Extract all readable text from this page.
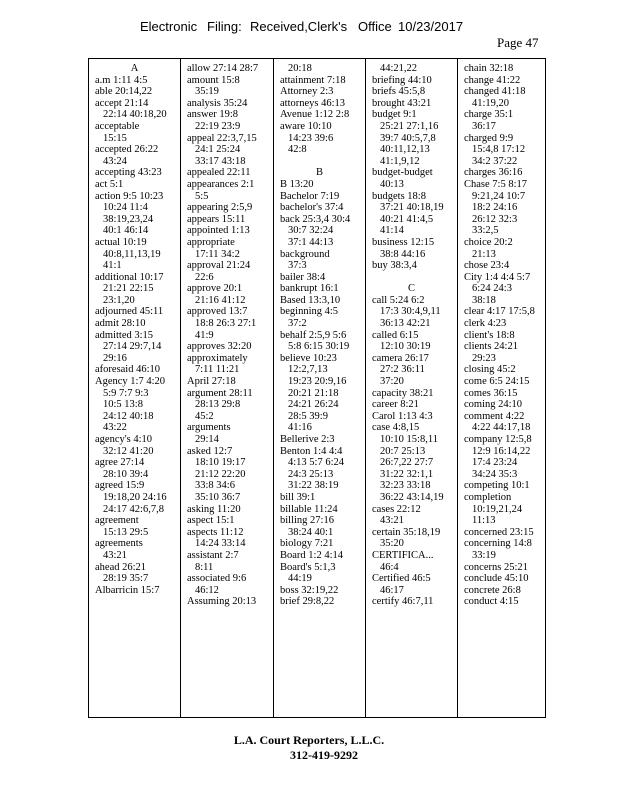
Electronic Filing: Received,Clerk's Office 10/23/2017
Page 47
A
a.m 1:11 4:5
able 20:14,22
accept 21:14
22:14 40:18,20
acceptable
15:15
accepted 26:22
43:24
accepting 43:23
act 5:1
action 9:5 10:23
10:24 11:4
38:19,23,24
40:1 46:14
actual 10:19
40:8,11,13,19
41:1
additional 10:17
21:21 22:15
23:1,20
adjourned 45:11
admit 28:10
admitted 3:15
27:14 29:7,14
29:16
aforesaid 46:10
Agency 1:7 4:20
5:9 7:7 9:3
10:5 13:8
24:12 40:18
43:22
agency's 4:10
32:12 41:20
agree 27:14
28:10 39:4
agreed 15:9
19:18,20 24:16
24:17 42:6,7,8
agreement
15:13 29:5
agreements
43:21
ahead 26:21
28:19 35:7
Albarricin 15:7
allow 27:14 28:7
amount 15:8
35:19
analysis 35:24
answer 19:8
22:19 23:9
appeal 22:3,7,15
24:1 25:24
33:17 43:18
appealed 22:11
appearances 2:1
5:5
appearing 2:5,9
appears 15:11
appointed 1:13
appropriate
17:11 34:2
approval 21:24
22:6
approve 20:1
21:16 41:12
approved 13:7
18:8 26:3 27:1
41:9
approves 32:20
approximately
7:11 11:21
April 27:18
argument 28:11
28:13 29:8
45:2
arguments
29:14
asked 12:7
18:10 19:17
21:12 22:20
33:8 34:6
35:10 36:7
asking 11:20
aspect 15:1
aspects 11:12
14:24 33:14
assistant 2:7
8:11
associated 9:6
46:12
Assuming 20:13
20:18
attainment 7:18
Attorney 2:3
attorneys 46:13
Avenue 1:12 2:8
aware 10:10
14:23 39:6
42:8
B
B 13:20
Bachelor 7:19
bachelor's 37:4
back 25:3,4 30:4
30:7 32:24
37:1 44:13
background
37:3
bailer 38:4
bankrupt 16:1
Based 13:3,10
beginning 4:5
37:2
behalf 2:5,9 5:6
5:8 6:15 30:19
believe 10:23
12:2,7,13
19:23 20:9,16
20:21 21:18
24:21 26:24
28:5 39:9
41:16
Bellerive 2:3
Benton 1:4 4:4
4:13 5:7 6:24
24:3 25:13
31:22 38:19
bill 39:1
billable 11:24
billing 27:16
38:24 40:1
biology 7:21
Board 1:2 4:14
Board's 5:1,3
44:19
boss 32:19,22
brief 29:8,22
44:21,22
briefing 44:10
briefs 45:5,8
brought 43:21
budget 9:1
25:21 27:1,16
39:7 40:5,7,8
40:11,12,13
41:1,9,12
budget-budget
40:13
budgets 18:8
37:21 40:18,19
40:21 41:4,5
41:14
business 12:15
38:8 44:16
buy 38:3,4
C
call 5:24 6:2
17:3 30:4,9,11
36:13 42:21
called 6:15
12:10 30:19
camera 26:17
27:2 36:11
37:20
capacity 38:21
career 8:21
Carol 1:13 4:3
case 4:8,15
10:10 15:8,11
20:7 25:13
26:7,22 27:7
31:22 32:1,1
32:23 33:18
36:22 43:14,19
cases 22:12
43:21
certain 35:18,19
35:20
CERTIFICA...
46:4
Certified 46:5
46:17
certify 46:7,11
chain 32:18
change 41:22
changed 41:18
41:19,20
charge 35:1
36:17
charged 9:9
15:4,8 17:12
34:2 37:22
charges 36:16
Chase 7:5 8:17
9:21,24 10:7
18:2 24:16
26:12 32:3
33:2,5
choice 20:2
21:13
chose 23:4
City 1:4 4:4 5:7
6:24 24:3
38:18
clear 4:17 17:5,8
clerk 4:23
client's 18:8
clients 24:21
29:23
closing 45:2
come 6:5 24:15
comes 36:15
coming 24:10
comment 4:22
4:22 44:17,18
company 12:5,8
12:9 16:14,22
17:4 23:24
34:24 35:3
competing 10:1
completion
10:19,21,24
11:13
concerned 23:15
concerning 14:8
33:19
concerns 25:21
conclude 45:10
concrete 26:8
conduct 4:15
L.A. Court Reporters, L.L.C.
312-419-9292
